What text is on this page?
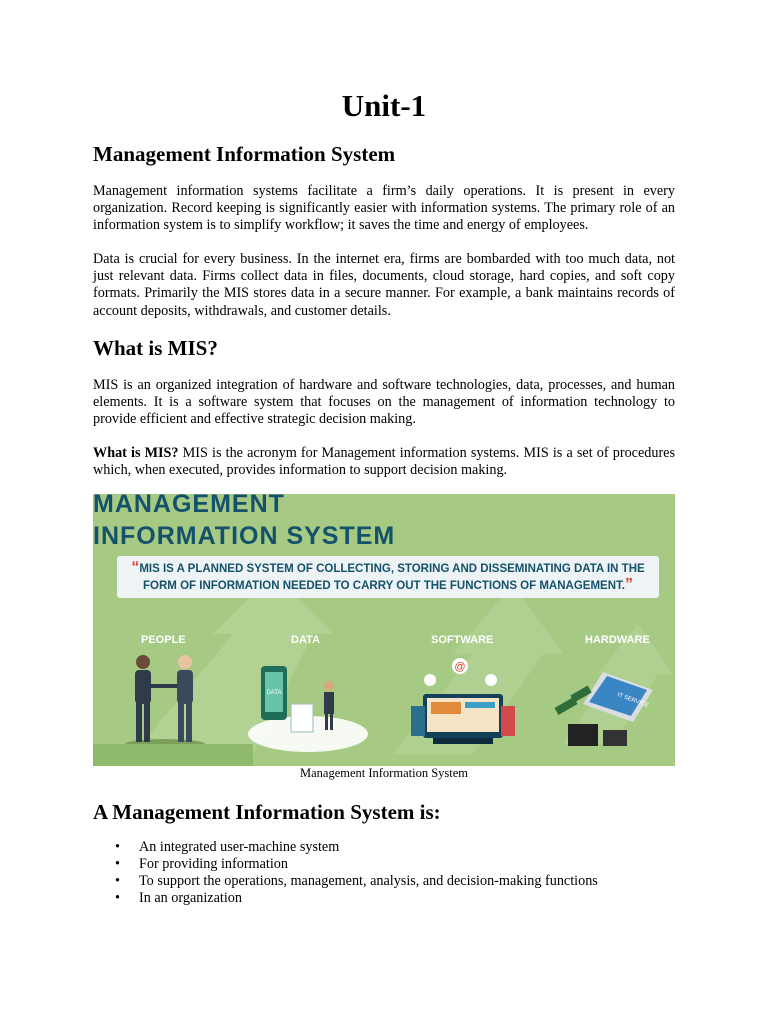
Unit-1
Management Information System

Management information systems facilitate a firm’s daily operations. It is present in every organization. Record keeping is significantly easier with information systems. The primary role of an information system is to simplify workflow; it saves the time and energy of employees.

Data is crucial for every business. In the internet era, firms are bombarded with too much data, not just relevant data. Firms collect data in files, documents, cloud storage, hard copies, and soft copy formats. Primarily the MIS stores data in a secure manner. For example, a bank maintains records of account deposits, withdrawals, and customer details.

What is MIS?

MIS is an organized integration of hardware and software technologies, data, processes, and human elements. It is a software system that focuses on the management of information technology to provide efficient and effective strategic decision making.

What is MIS? MIS is the acronym for Management information systems. MIS is a set of procedures which, when executed, provides information to support decision making.

DATA
@
IT SERVICE

MANAGEMENT

INFORMATION SYSTEM

“MIS IS A PLANNED SYSTEM OF COLLECTING, STORING AND DISSEMINATING DATA IN THE FORM OF INFORMATION NEEDED TO CARRY OUT THE FUNCTIONS OF MANAGEMENT.”
PEOPLE	DATA	SOFTWARE	HARDWARE
Management Information System
A Management Information System is:
• An integrated user-machine system
• For providing information
• To support the operations, management, analysis, and decision-making functions
• In an organization
